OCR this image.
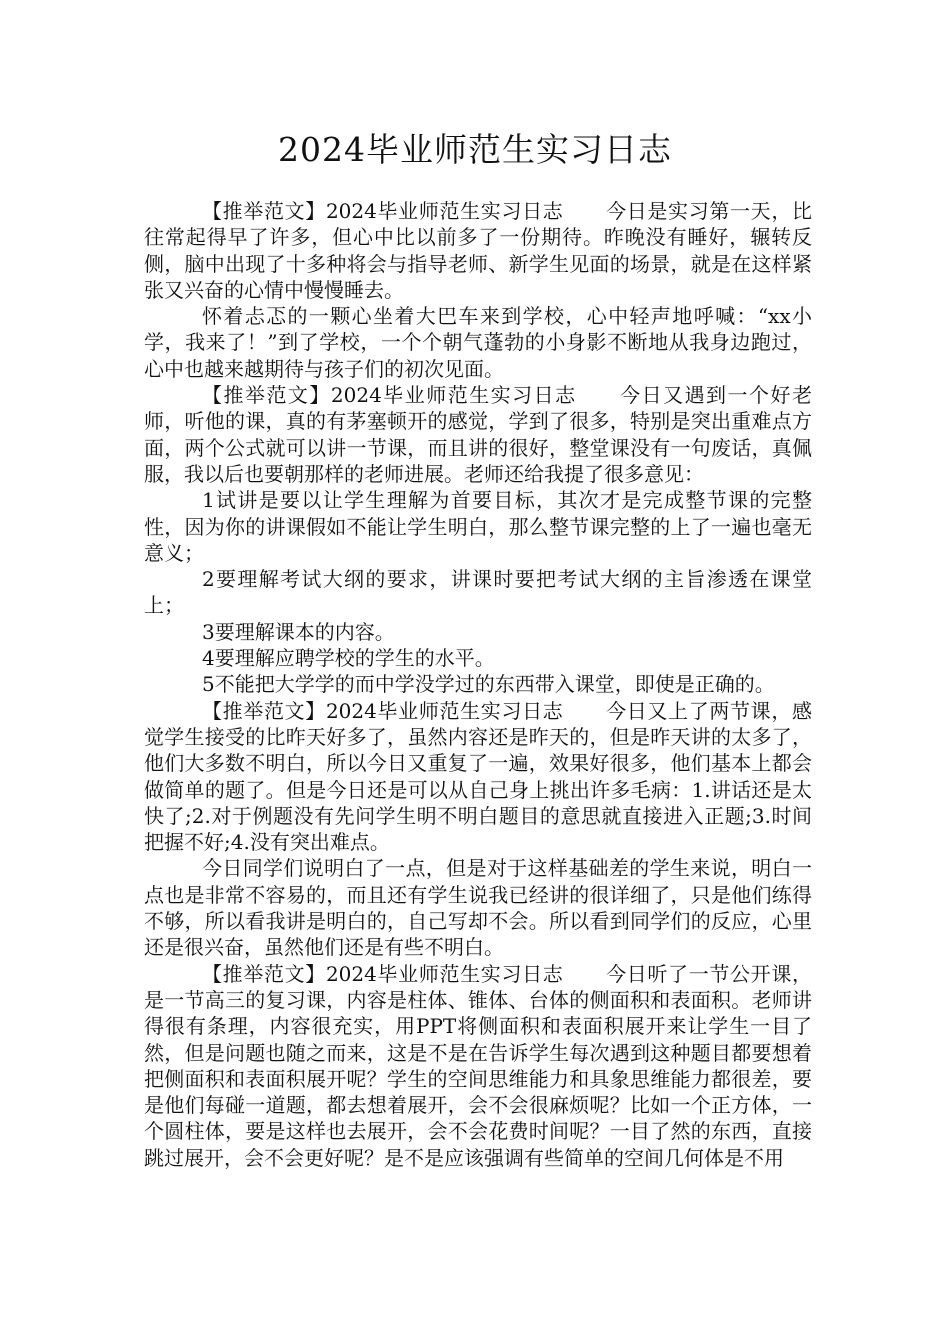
2024毕业师范生实习日志

【推举范文】2024毕业师范生实习日志 今日是实习第一天，比往常起得早了许多，但心中比以前多了一份期待。昨晚没有睡好，辗转反侧，脑中出现了十多种将会与指导老师、新学生见面的场景，就是在这样紧张又兴奋的心情中慢慢睡去。

怀着忐忑的一颗心坐着大巴车来到学校，心中轻声地呼喊：“xx小学，我来了！”到了学校，一个个朝气蓬勃的小身影不断地从我身边跑过，心中也越来越期待与孩子们的初次见面。

【推举范文】2024毕业师范生实习日志 今日又遇到一个好老师，听他的课，真的有茅塞顿开的感觉，学到了很多，特别是突出重难点方面，两个公式就可以讲一节课，而且讲的很好，整堂课没有一句废话，真佩服，我以后也要朝那样的老师进展。老师还给我提了很多意见：

1试讲是要以让学生理解为首要目标，其次才是完成整节课的完整性，因为你的讲课假如不能让学生明白，那么整节课完整的上了一遍也毫无意义；

2要理解考试大纲的要求，讲课时要把考试大纲的主旨渗透在课堂上；

3要理解课本的内容。

4要理解应聘学校的学生的水平。

5不能把大学学的而中学没学过的东西带入课堂，即使是正确的。

【推举范文】2024毕业师范生实习日志 今日又上了两节课，感觉学生接受的比昨天好多了，虽然内容还是昨天的，但是昨天讲的太多了，他们大多数不明白，所以今日又重复了一遍，效果好很多，他们基本上都会做简单的题了。但是今日还是可以从自己身上挑出许多毛病：1.讲话还是太快了;2.对于例题没有先问学生明不明白题目的意思就直接进入正题;3.时间把握不好;4.没有突出难点。

今日同学们说明白了一点，但是对于这样基础差的学生来说，明白一点也是非常不容易的，而且还有学生说我已经讲的很详细了，只是他们练得不够，所以看我讲是明白的，自己写却不会。所以看到同学们的反应，心里还是很兴奋，虽然他们还是有些不明白。

【推举范文】2024毕业师范生实习日志 今日听了一节公开课，是一节高三的复习课，内容是柱体、锥体、台体的侧面积和表面积。老师讲得很有条理，内容很充实，用PPT将侧面积和表面积展开来让学生一目了然，但是问题也随之而来，这是不是在告诉学生每次遇到这种题目都要想着把侧面积和表面积展开呢？学生的空间思维能力和具象思维能力都很差，要是他们每碰一道题，都去想着展开，会不会很麻烦呢？比如一个正方体，一个圆柱体，要是这样也去展开，会不会花费时间呢？一目了然的东西，直接跳过展开，会不会更好呢？是不是应该强调有些简单的空间几何体是不用
